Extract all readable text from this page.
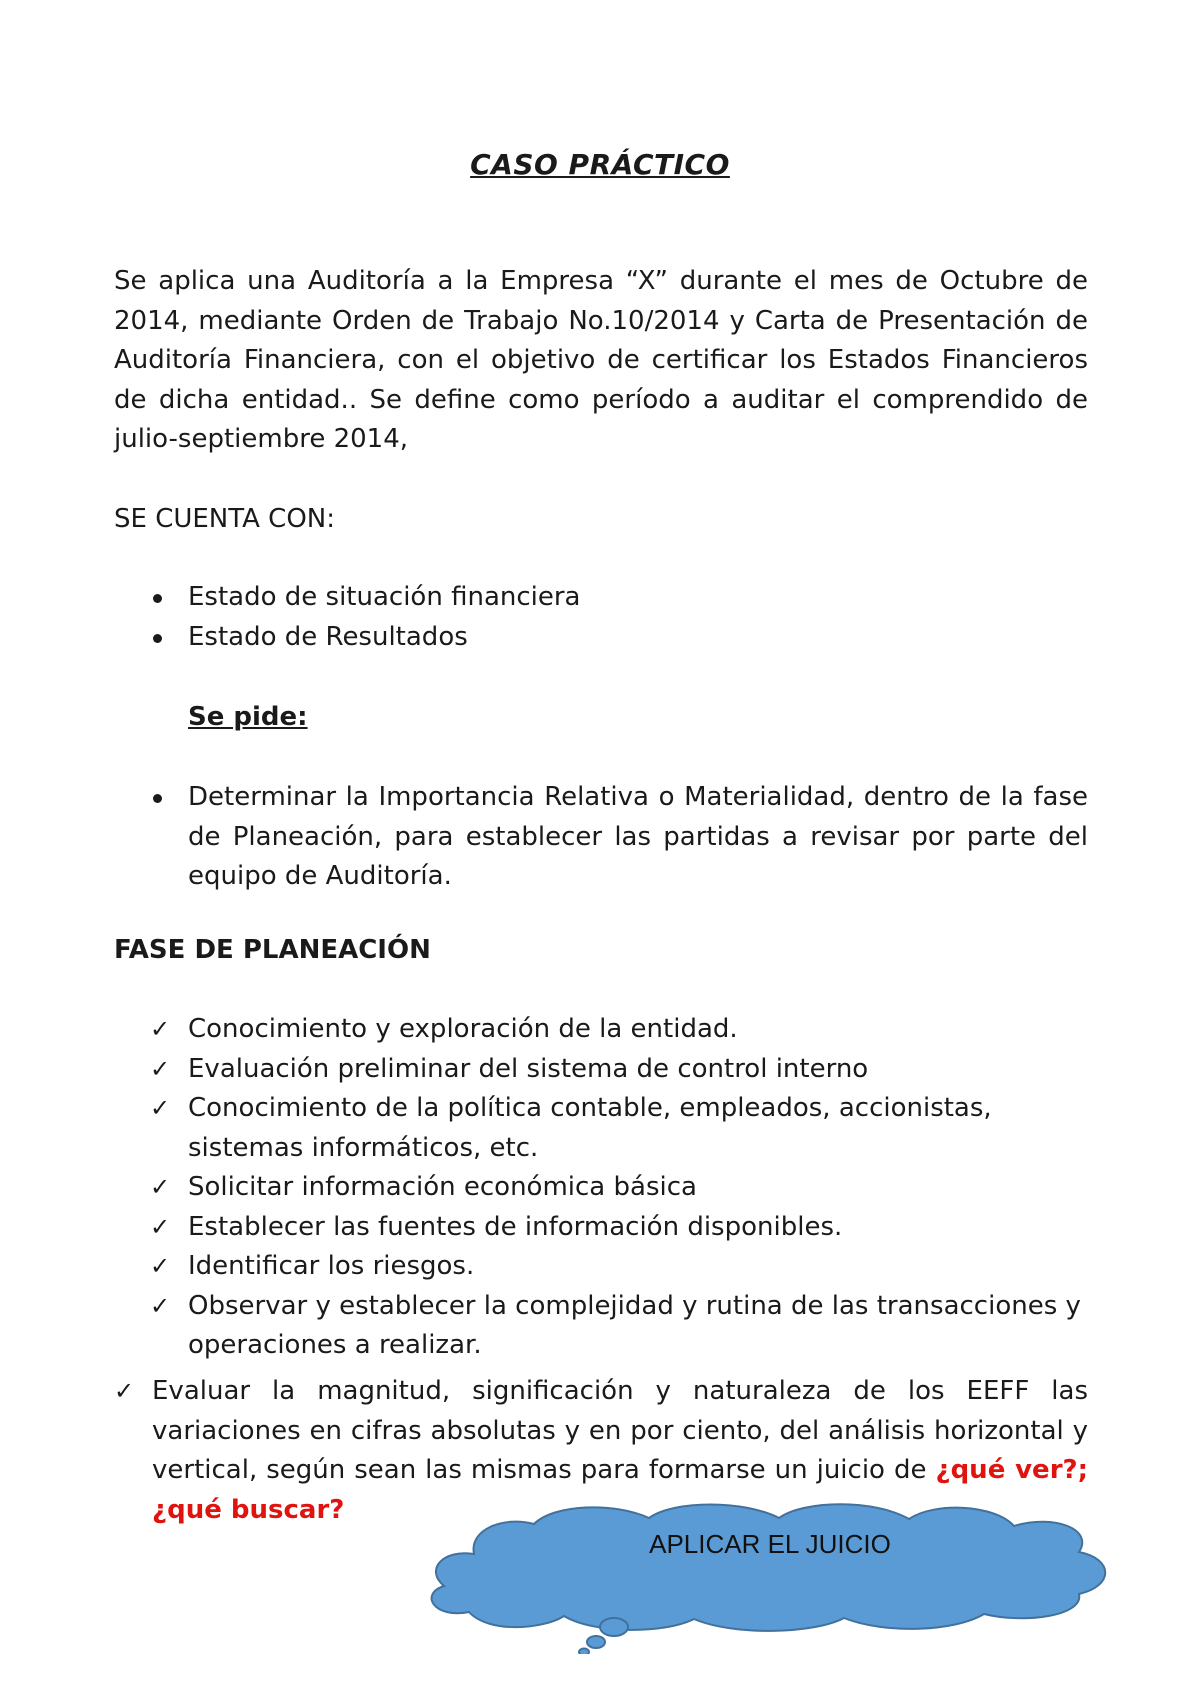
CASO PRÁCTICO

Se aplica una Auditoría a la Empresa “X” durante el mes de Octubre de 2014, mediante Orden de Trabajo No.10/2014 y Carta de Presentación de Auditoría Financiera, con el objetivo de certificar los Estados Financieros de dicha entidad.. Se define como período a auditar el comprendido de julio-septiembre 2014,

SE CUENTA CON:
Estado de situación financiera
Estado de Resultados
Se pide:
Determinar la Importancia Relativa o Materialidad, dentro de la fase de Planeación, para establecer las partidas a revisar por parte del equipo de Auditoría.
FASE DE PLANEACIÓN
✓ Conocimiento y exploración de la entidad.
✓ Evaluación preliminar del sistema de control interno
✓ Conocimiento de la política contable, empleados, accionistas, sistemas informáticos, etc.
✓ Solicitar información económica básica
✓ Establecer las fuentes de información disponibles.
✓ Identificar los riesgos.
✓ Observar y establecer la complejidad y rutina de las transacciones y operaciones a realizar.
✓ Evaluar la magnitud, significación y naturaleza de los EEFF las variaciones en cifras absolutas y en por ciento, del análisis horizontal y vertical, según sean las mismas para formarse un juicio de ¿qué ver?; ¿qué buscar?
APLICAR EL JUICIO
